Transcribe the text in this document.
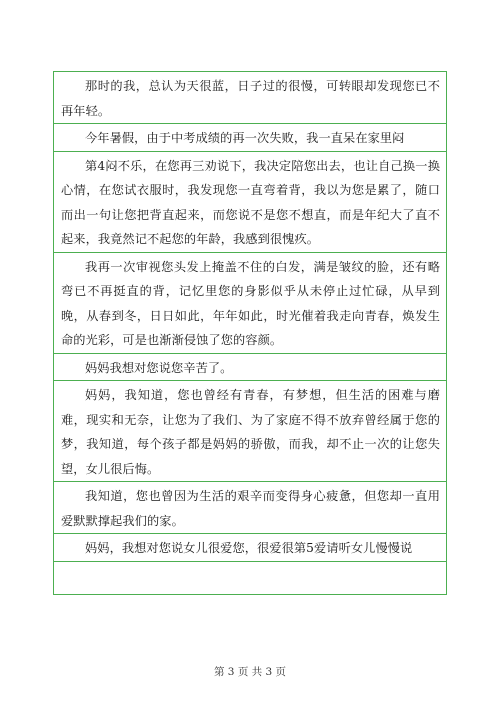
那时的我，总认为天很蓝，日子过的很慢，可转眼却发现您已不再年轻。

今年暑假，由于中考成绩的再一次失败，我一直呆在家里闷

第4闷不乐，在您再三劝说下，我决定陪您出去，也让自己换一换心情，在您试衣服时，我发现您一直弯着背，我以为您是累了，随口而出一句让您把背直起来，而您说不是您不想直，而是年纪大了直不起来，我竟然记不起您的年龄，我感到很愧疚。

我再一次审视您头发上掩盖不住的白发，满是皱纹的脸，还有略弯已不再挺直的背，记忆里您的身影似乎从未停止过忙碌，从早到晚，从春到冬，日日如此，年年如此，时光催着我走向青春，焕发生命的光彩，可是也渐渐侵蚀了您的容颜。

妈妈我想对您说您辛苦了。

妈妈，我知道，您也曾经有青春，有梦想，但生活的困难与磨难，现实和无奈，让您为了我们、为了家庭不得不放弃曾经属于您的梦，我知道，每个孩子都是妈妈的骄傲，而我，却不止一次的让您失望，女儿很后悔。

我知道，您也曾因为生活的艰辛而变得身心疲惫，但您却一直用爱默默撑起我们的家。

妈妈，我想对您说女儿很爱您，很爱很第5爱请听女儿慢慢说

第 3 页 共 3 页
